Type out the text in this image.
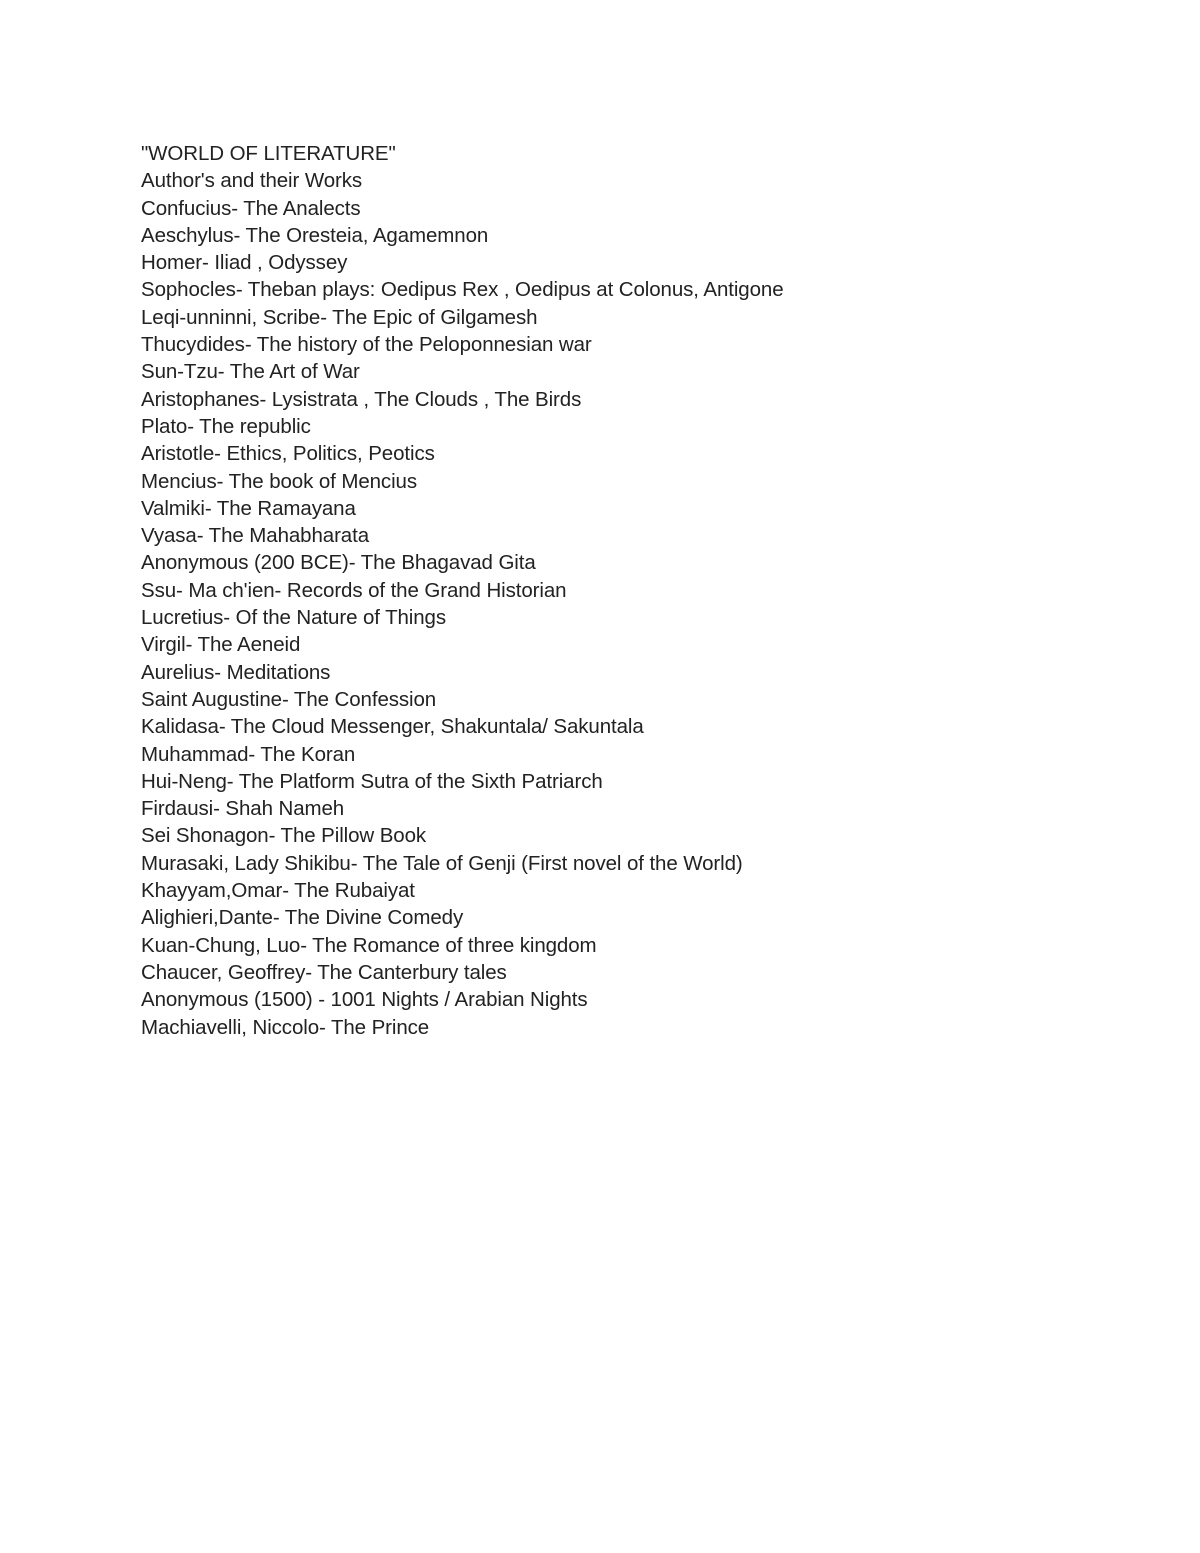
"WORLD OF LITERATURE"
Author's and their Works
Confucius- The Analects
Aeschylus- The Oresteia, Agamemnon
Homer- Iliad , Odyssey
Sophocles- Theban plays: Oedipus Rex , Oedipus at Colonus, Antigone
Leqi-unninni, Scribe- The Epic of Gilgamesh
Thucydides- The history of the Peloponnesian war
Sun-Tzu- The Art of War
Aristophanes- Lysistrata , The Clouds , The Birds
Plato- The republic
Aristotle- Ethics, Politics, Peotics
Mencius- The book of Mencius
Valmiki- The Ramayana
Vyasa- The Mahabharata
Anonymous (200 BCE)- The Bhagavad Gita
Ssu- Ma ch'ien- Records of the Grand Historian
Lucretius- Of the Nature of Things
Virgil- The Aeneid
Aurelius- Meditations
Saint Augustine- The Confession
Kalidasa- The Cloud Messenger, Shakuntala/ Sakuntala
Muhammad- The Koran
Hui-Neng- The Platform Sutra of the Sixth Patriarch
Firdausi- Shah Nameh
Sei Shonagon- The Pillow Book
Murasaki, Lady Shikibu- The Tale of Genji (First novel of the World)
Khayyam,Omar- The Rubaiyat
Alighieri,Dante- The Divine Comedy
Kuan-Chung, Luo- The Romance of three kingdom
Chaucer, Geoffrey- The Canterbury tales
Anonymous (1500) - 1001 Nights / Arabian Nights
Machiavelli, Niccolo- The Prince
